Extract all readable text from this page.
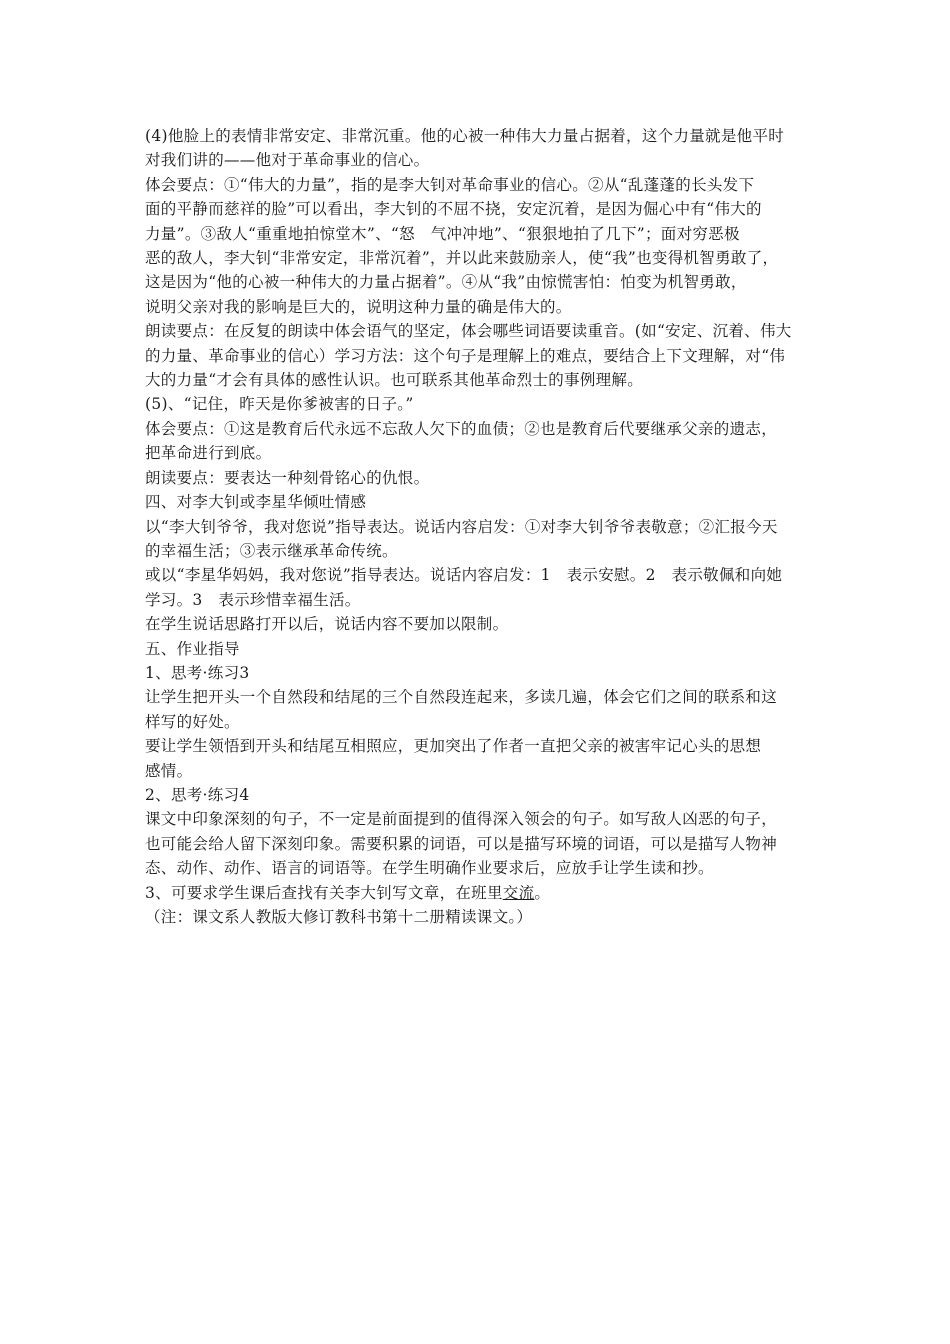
(4)他脸上的表情非常安定、非常沉重。他的心被一种伟大力量占据着，这个力量就是他平时
对我们讲的——他对于革命事业的信心。
体会要点：①“伟大的力量”，指的是李大钊对革命事业的信心。②从“乱蓬蓬的长头发下
面的平静而慈祥的脸”可以看出，李大钊的不屈不挠，安定沉着，是因为倔心中有“伟大的
力量”。③敌人“重重地拍惊堂木”、“怒　气冲冲地”、“狠狠地拍了几下”；面对穷恶极
恶的敌人，李大钊“非常安定，非常沉着”，并以此来鼓励亲人，使“我”也变得机智勇敢了，
这是因为“他的心被一种伟大的力量占据着”。④从“我”由惊慌害怕：怕变为机智勇敢，
说明父亲对我的影响是巨大的，说明这种力量的确是伟大的。
朗读要点：在反复的朗读中体会语气的坚定，体会哪些词语要读重音。(如“安定、沉着、伟大
的力量、革命事业的信心）学习方法：这个句子是理解上的难点，要结合上下文理解，对“伟
大的力量“才会有具体的感性认识。也可联系其他革命烈士的事例理解。
(5)、“记住，昨天是你爹被害的日子。”
体会要点：①这是教育后代永远不忘敌人欠下的血债；②也是教育后代要继承父亲的遗志，
把革命进行到底。
朗读要点：要表达一种刻骨铭心的仇恨。
四、对李大钊或李星华倾吐情感
以“李大钊爷爷，我对您说”指导表达。说话内容启发：①对李大钊爷爷表敬意；②汇报今天
的幸福生活；③表示继承革命传统。
或以“李星华妈妈，我对您说”指导表达。说话内容启发：1　表示安慰。2　表示敬佩和向她
学习。3　表示珍惜幸福生活。
在学生说话思路打开以后，说话内容不要加以限制。
五、作业指导
1、思考·练习3
让学生把开头一个自然段和结尾的三个自然段连起来，多读几遍，体会它们之间的联系和这
样写的好处。
要让学生领悟到开头和结尾互相照应，更加突出了作者一直把父亲的被害牢记心头的思想
感情。
2、思考·练习4
课文中印象深刻的句子，不一定是前面提到的值得深入领会的句子。如写敌人凶恶的句子，
也可能会给人留下深刻印象。需要积累的词语，可以是描写环境的词语，可以是描写人物神
态、动作、动作、语言的词语等。在学生明确作业要求后，应放手让学生读和抄。
3、可要求学生课后查找有关李大钊写文章，在班里交流。
（注：课文系人教版大修订教科书第十二册精读课文。）
